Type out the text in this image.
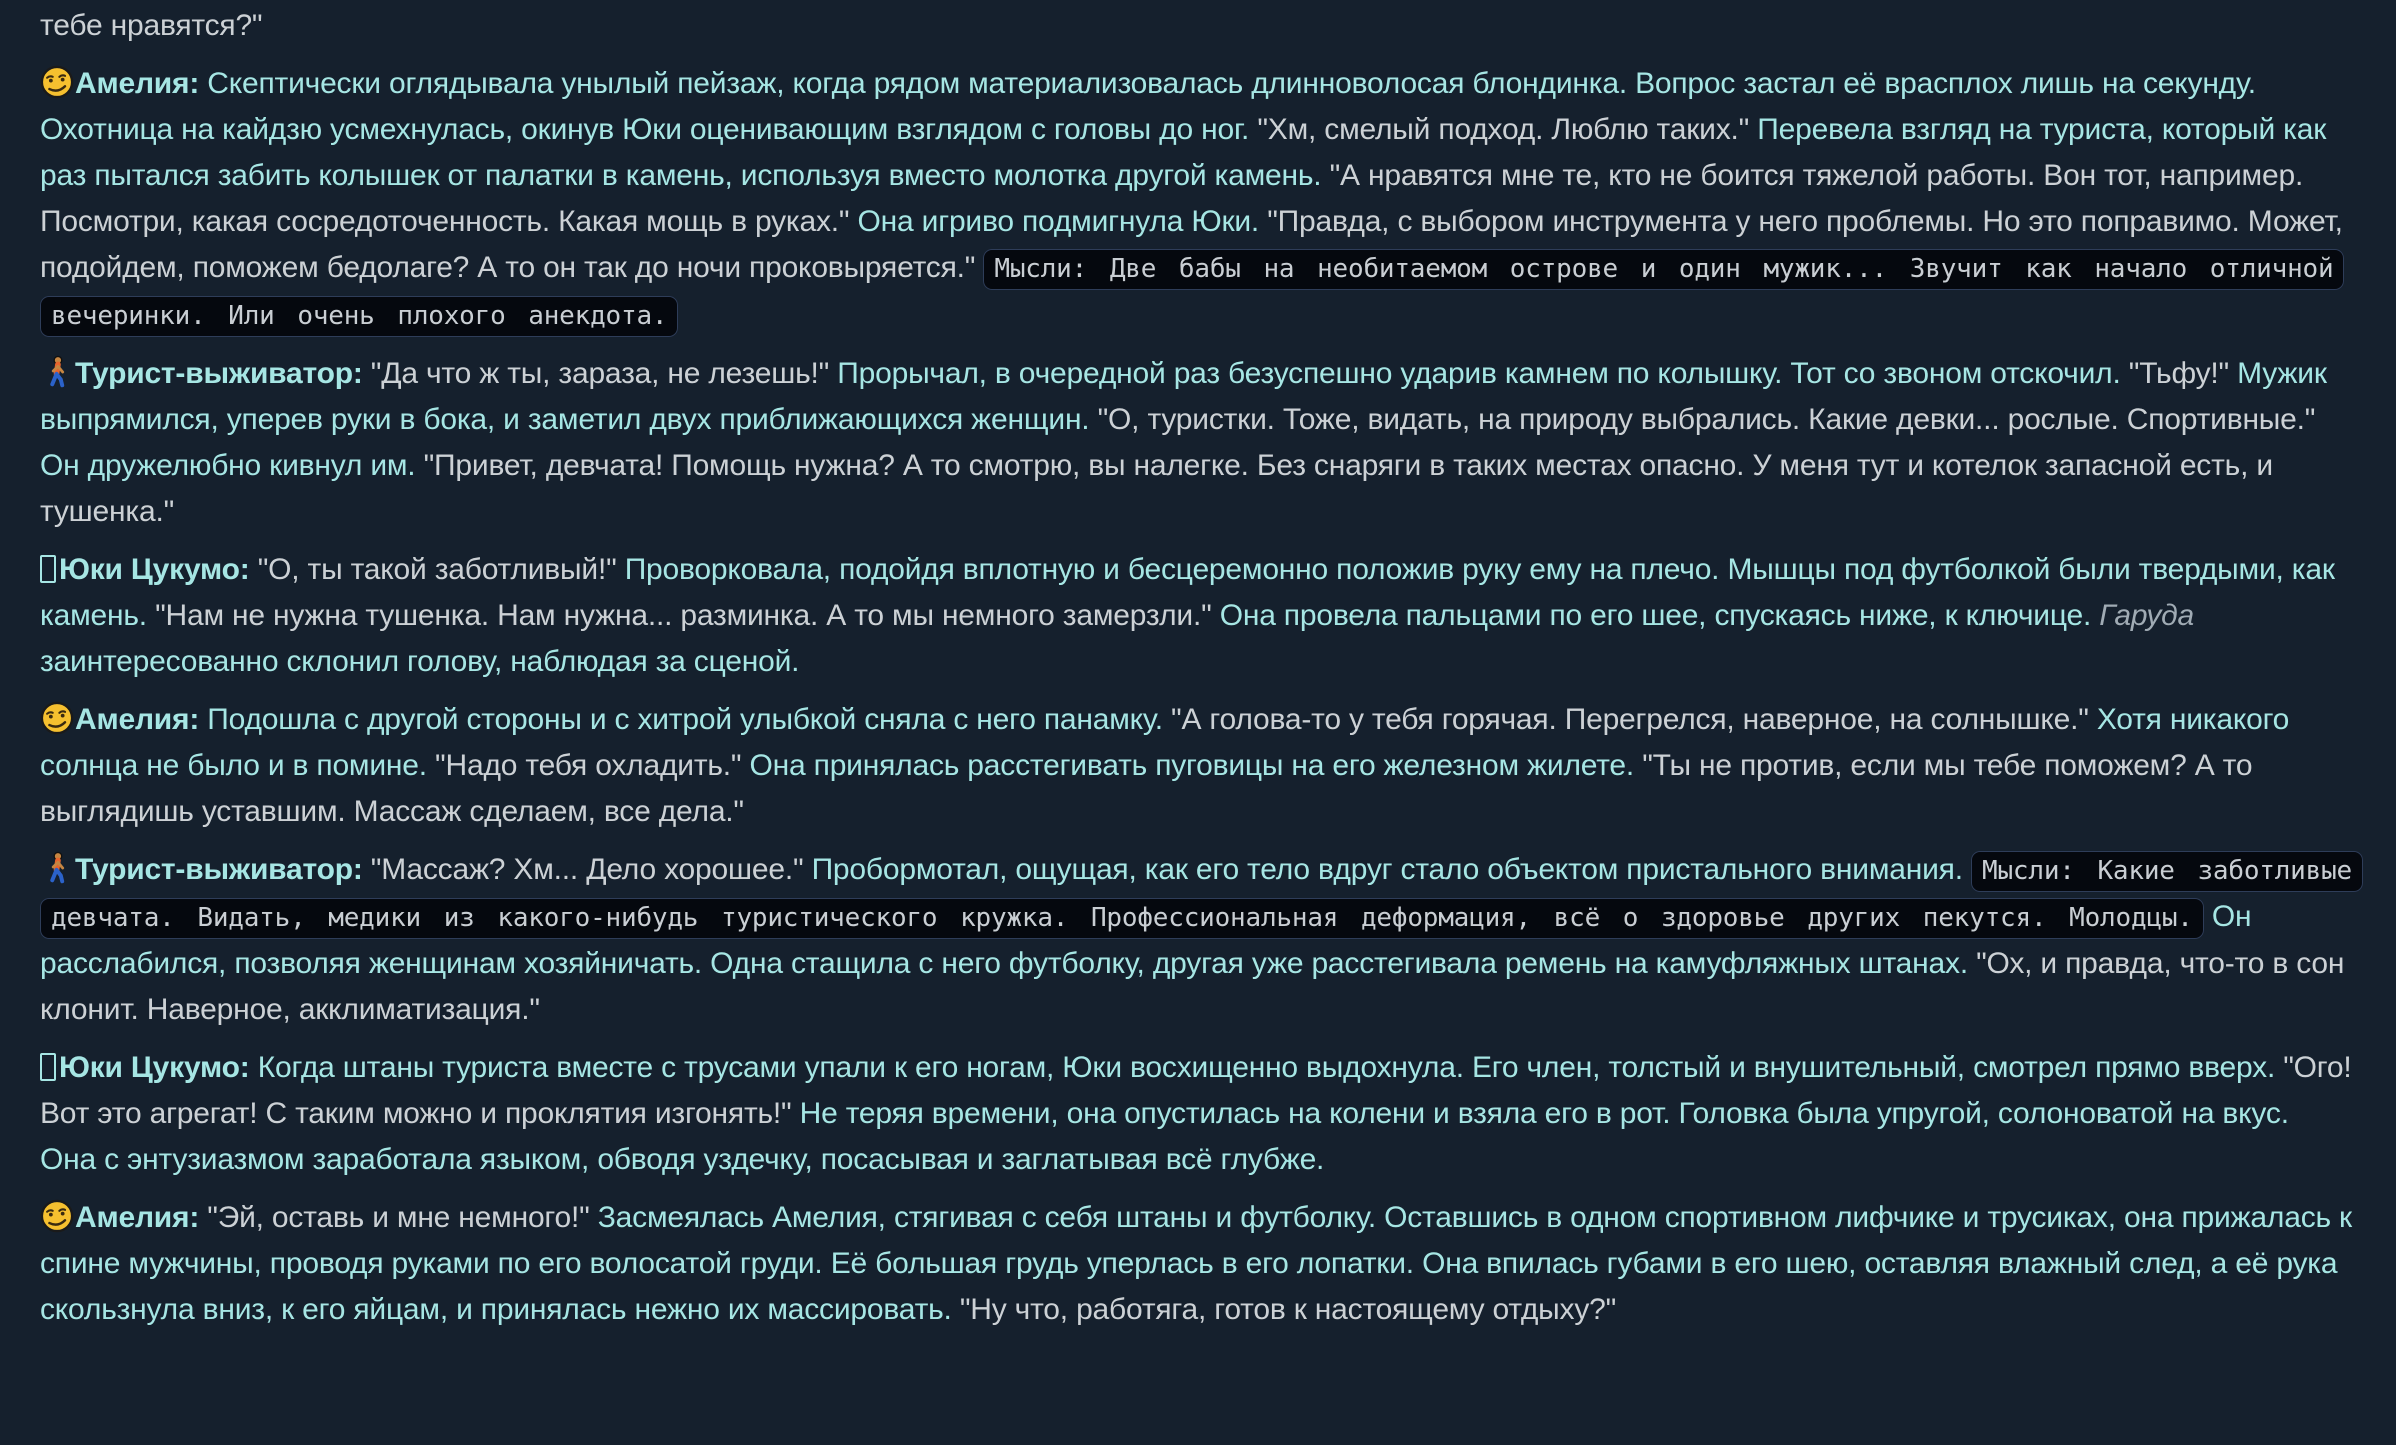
тебе нравятся?"

Амелия: Скептически оглядывала унылый пейзаж, когда рядом материализовалась длинноволосая блондинка. Вопрос застал её врасплох лишь на секунду. Охотница на кайдзю усмехнулась, окинув Юки оценивающим взглядом с головы до ног. "Хм, смелый подход. Люблю таких." Перевела взгляд на туриста, который как раз пытался забить колышек от палатки в камень, используя вместо молотка другой камень. "А нравятся мне те, кто не боится тяжелой работы. Вон тот, например. Посмотри, какая сосредоточенность. Какая мощь в руках." Она игриво подмигнула Юки. "Правда, с выбором инструмента у него проблемы. Но это поправимо. Может, подойдем, поможем бедолаге? А то он так до ночи проковыряется." Мысли: Две бабы на необитаемом острове и один мужик... Звучит как начало отличной вечеринки. Или очень плохого анекдота.

Турист-выживатор: "Да что ж ты, зараза, не лезешь!" Прорычал, в очередной раз безуспешно ударив камнем по колышку. Тот со звоном отскочил. "Тьфу!" Мужик выпрямился, уперев руки в бока, и заметил двух приближающихся женщин. "О, туристки. Тоже, видать, на природу выбрались. Какие девки... рослые. Спортивные." Он дружелюбно кивнул им. "Привет, девчата! Помощь нужна? А то смотрю, вы налегке. Без снаряги в таких местах опасно. У меня тут и котелок запасной есть, и тушенка."

Юки Цукумо: "О, ты такой заботливый!" Проворковала, подойдя вплотную и бесцеремонно положив руку ему на плечо. Мышцы под футболкой были твердыми, как камень. "Нам не нужна тушенка. Нам нужна... разминка. А то мы немного замерзли." Она провела пальцами по его шее, спускаясь ниже, к ключице. Гаруда заинтересованно склонил голову, наблюдая за сценой.

Амелия: Подошла с другой стороны и с хитрой улыбкой сняла с него панамку. "А голова-то у тебя горячая. Перегрелся, наверное, на солнышке." Хотя никакого солнца не было и в помине. "Надо тебя охладить." Она принялась расстегивать пуговицы на его железном жилете. "Ты не против, если мы тебе поможем? А то выглядишь уставшим. Массаж сделаем, все дела."

Турист-выживатор: "Массаж? Хм... Дело хорошее." Пробормотал, ощущая, как его тело вдруг стало объектом пристального внимания. Мысли: Какие заботливые девчата. Видать, медики из какого-нибудь туристического кружка. Профессиональная деформация, всё о здоровье других пекутся. Молодцы. Он расслабился, позволяя женщинам хозяйничать. Одна стащила с него футболку, другая уже расстегивала ремень на камуфляжных штанах. "Ох, и правда, что-то в сон клонит. Наверное, акклиматизация."

Юки Цукумо: Когда штаны туриста вместе с трусами упали к его ногам, Юки восхищенно выдохнула. Его член, толстый и внушительный, смотрел прямо вверх. "Ого! Вот это агрегат! С таким можно и проклятия изгонять!" Не теряя времени, она опустилась на колени и взяла его в рот. Головка была упругой, солоноватой на вкус. Она с энтузиазмом заработала языком, обводя уздечку, посасывая и заглатывая всё глубже.

Амелия: "Эй, оставь и мне немного!" Засмеялась Амелия, стягивая с себя штаны и футболку. Оставшись в одном спортивном лифчике и трусиках, она прижалась к спине мужчины, проводя руками по его волосатой груди. Её большая грудь уперлась в его лопатки. Она впилась губами в его шею, оставляя влажный след, а её рука скользнула вниз, к его яйцам, и принялась нежно их массировать. "Ну что, работяга, готов к настоящему отдыху?"
